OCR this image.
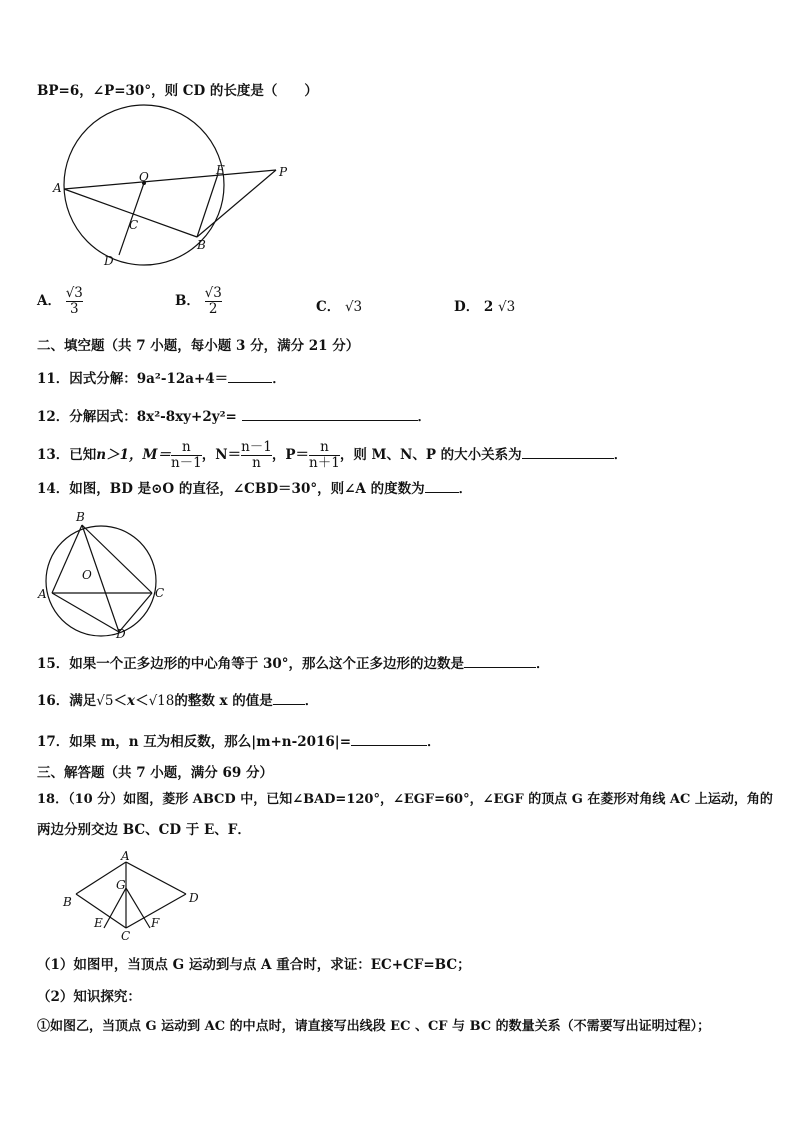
BP=6，∠P=30°，则 CD 的长度是（　　）
A
O	E	P
C
B
D
A． $\frac{√3}{3}$	B． $\frac{√3}{2}$	C． √3	D． 2 √3
二、填空题（共 7 小题，每小题 3 分，满分 21 分）
11．因式分解：9a²-12a+4＝	．
12．分解因式：8x²-8xy+2y²=	．
13．已知n＞1，$M= \frac{n}{n-1}$ ，$N= \frac{n-1}{n}$ ，$P= \frac{n}{n+1}$ ，则 M、N、P 的大小关系为	．
14．如图，BD 是⊙O 的直径，∠CBD＝30°，则∠A 的度数为	．
B
O
A	C
D
15．如果一个正多边形的中心角等于 30°，那么这个正多边形的边数是	．
16．满足√5＜x＜√18的整数 x 的值是 ．
17．如果 m，n 互为相反数，那么|m+n-2016|=	．
三、解答题（共 7 小题，满分 69 分）
18．（10 分）如图，菱形 ABCD 中，已知∠BAD=120°，∠EGF=60°，∠EGF 的顶点 G 在菱形对角线 AC 上运动，角的
两边分别交边 BC、CD 于 E、F．
A
G
B	D
E	F
C
（1）如图甲，当顶点 G 运动到与点 A 重合时，求证：EC+CF=BC；
（2）知识探究：
①如图乙，当顶点 G 运动到 AC 的中点时，请直接写出线段 EC 、CF 与 BC 的数量关系（不需要写出证明过程）；
